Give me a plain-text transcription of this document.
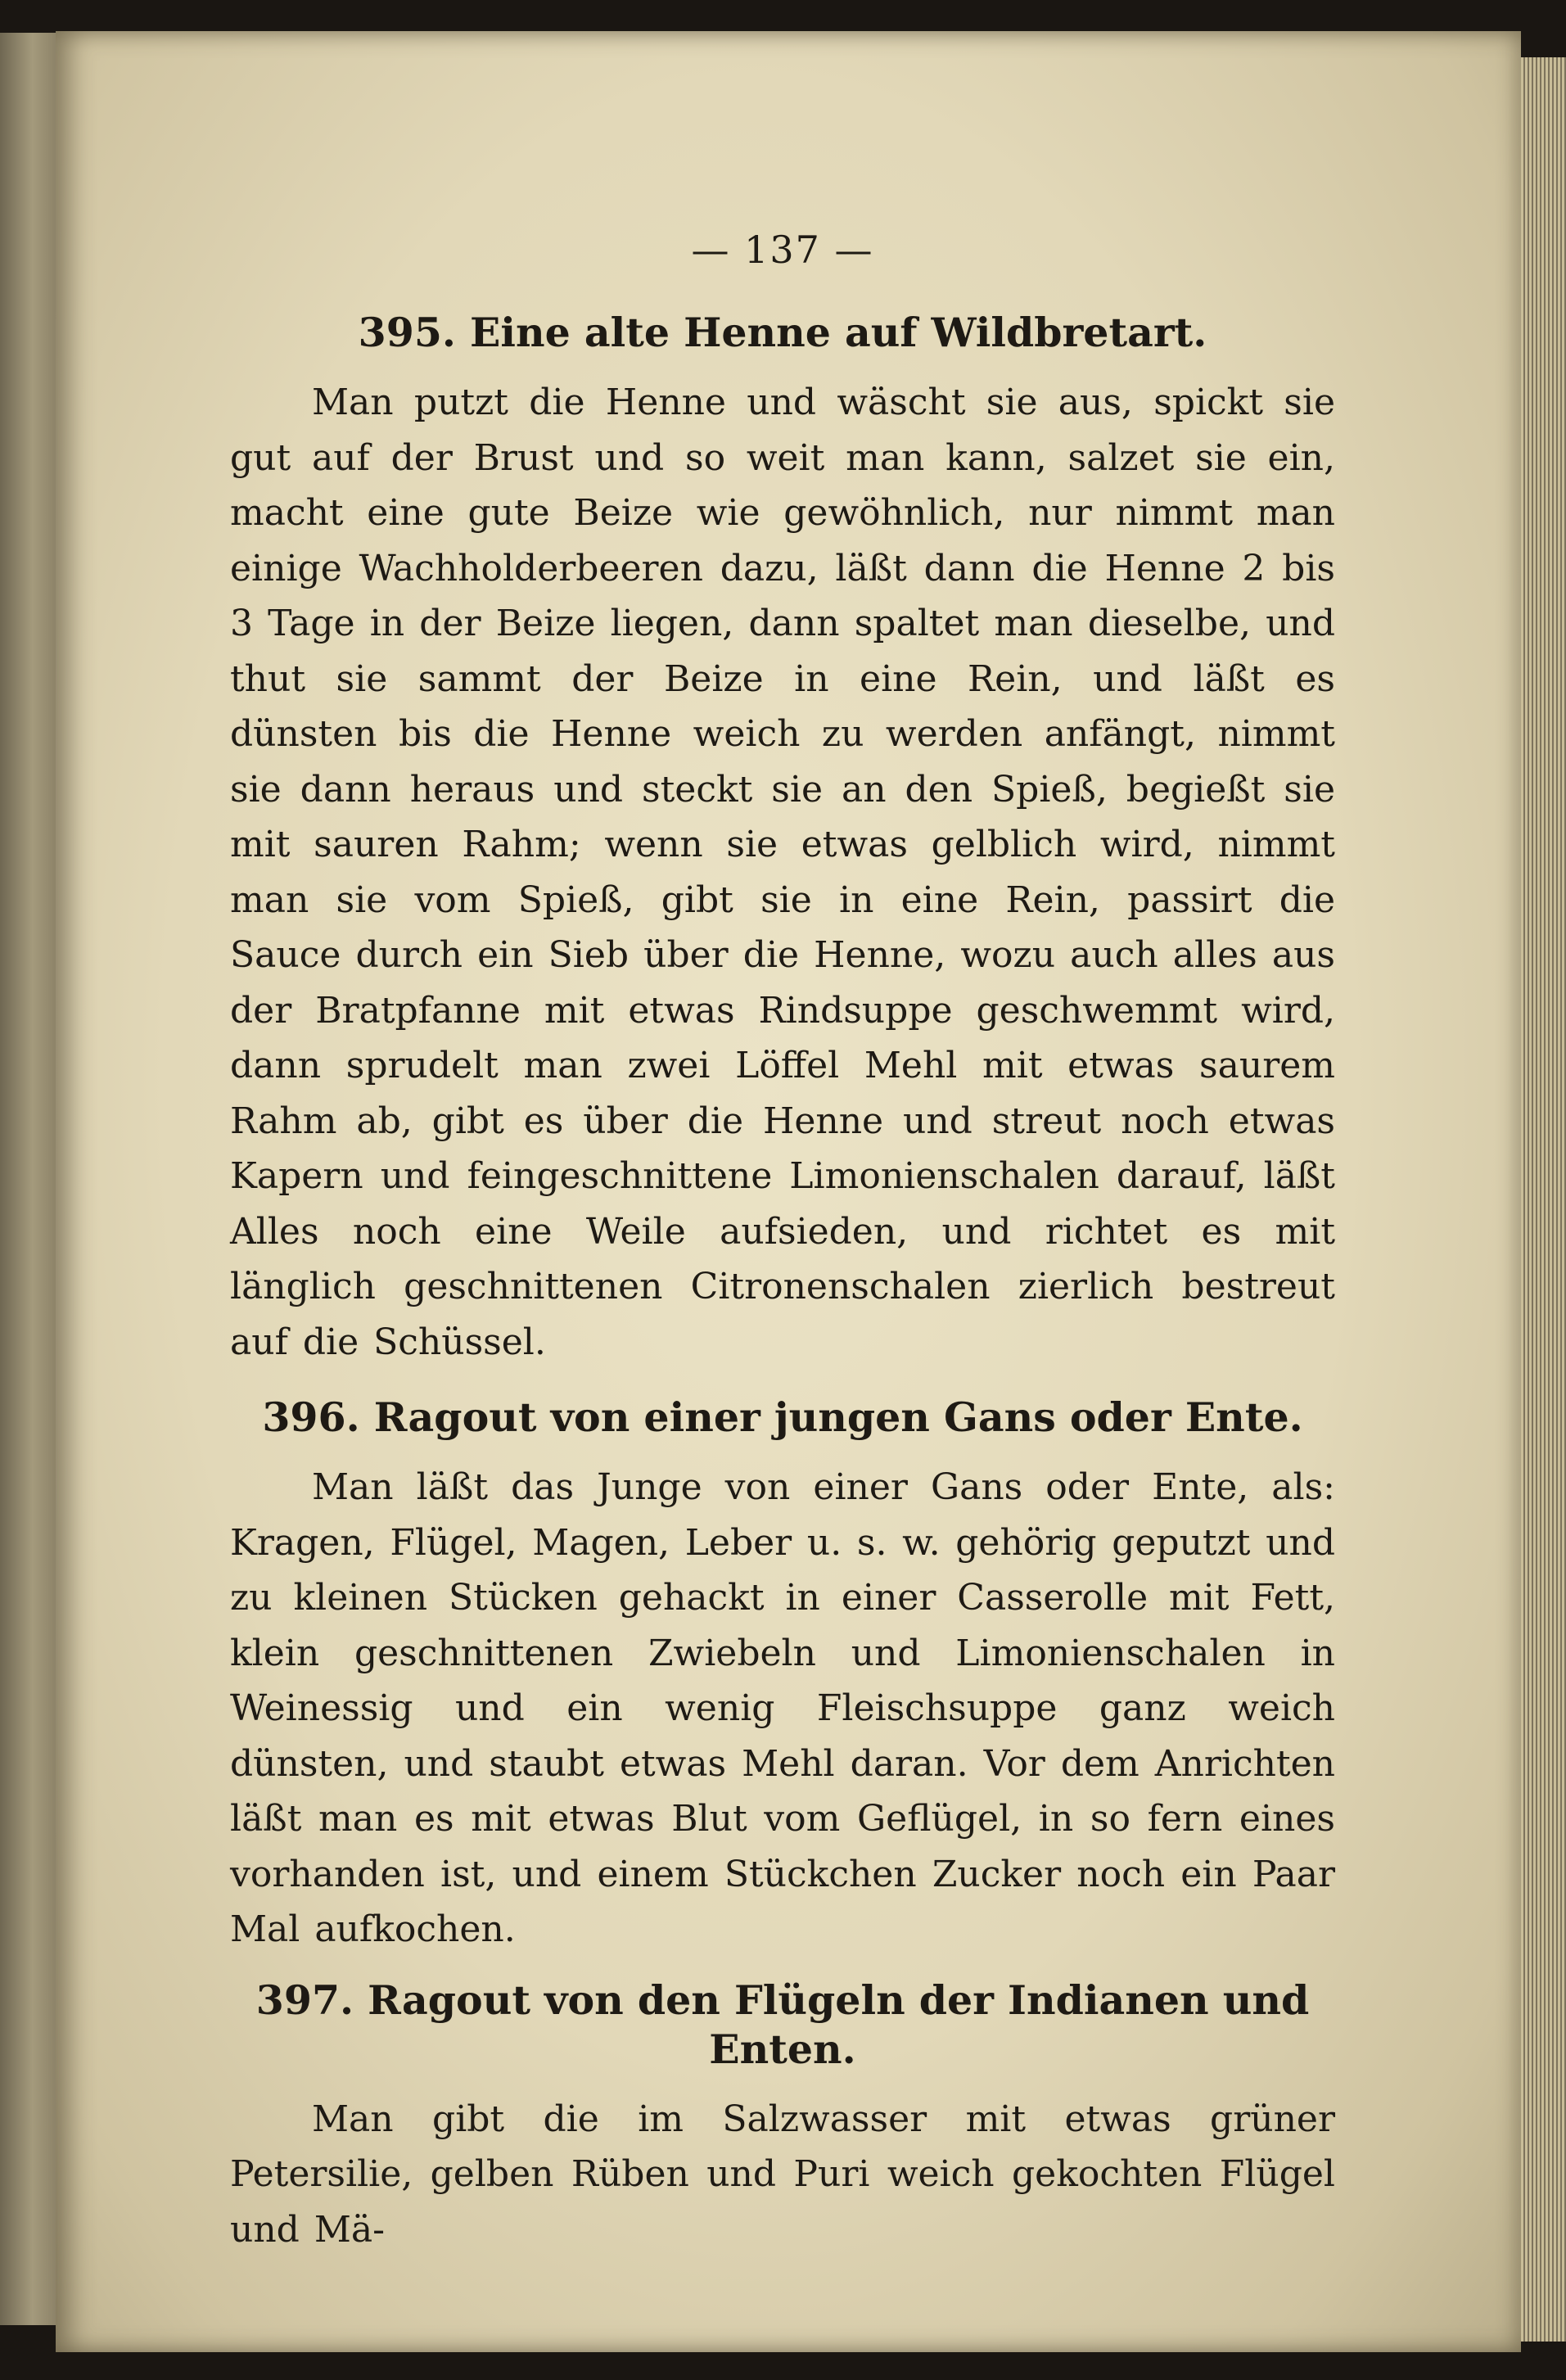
— 137 —
395. Eine alte Henne auf Wildbretart.
Man putzt die Henne und wäscht sie aus, spickt sie gut auf der Brust und so weit man kann, salzet sie ein, macht eine gute Beize wie gewöhnlich, nur nimmt man einige Wachholderbeeren dazu, läßt dann die Henne 2 bis 3 Tage in der Beize liegen, dann spaltet man dieselbe, und thut sie sammt der Beize in eine Rein, und läßt es dünsten bis die Henne weich zu werden anfängt, nimmt sie dann heraus und steckt sie an den Spieß, begießt sie mit sauren Rahm; wenn sie etwas gelblich wird, nimmt man sie vom Spieß, gibt sie in eine Rein, passirt die Sauce durch ein Sieb über die Henne, wozu auch alles aus der Bratpfanne mit etwas Rindsuppe geschwemmt wird, dann sprudelt man zwei Löffel Mehl mit etwas saurem Rahm ab, gibt es über die Henne und streut noch etwas Kapern und feingeschnittene Limonienschalen darauf, läßt Alles noch eine Weile aufsieden, und richtet es mit länglich geschnittenen Citronenschalen zierlich bestreut auf die Schüssel.
396. Ragout von einer jungen Gans oder Ente.
Man läßt das Junge von einer Gans oder Ente, als: Kragen, Flügel, Magen, Leber u. s. w. gehörig geputzt und zu kleinen Stücken gehackt in einer Casserolle mit Fett, klein geschnittenen Zwiebeln und Limonienschalen in Weinessig und ein wenig Fleischsuppe ganz weich dünsten, und staubt etwas Mehl daran. Vor dem Anrichten läßt man es mit etwas Blut vom Geflügel, in so fern eines vorhanden ist, und einem Stückchen Zucker noch ein Paar Mal aufkochen.
397. Ragout von den Flügeln der Indianen und Enten.
Man gibt die im Salzwasser mit etwas grüner Petersilie, gelben Rüben und Puri weich gekochten Flügel und Mä-
